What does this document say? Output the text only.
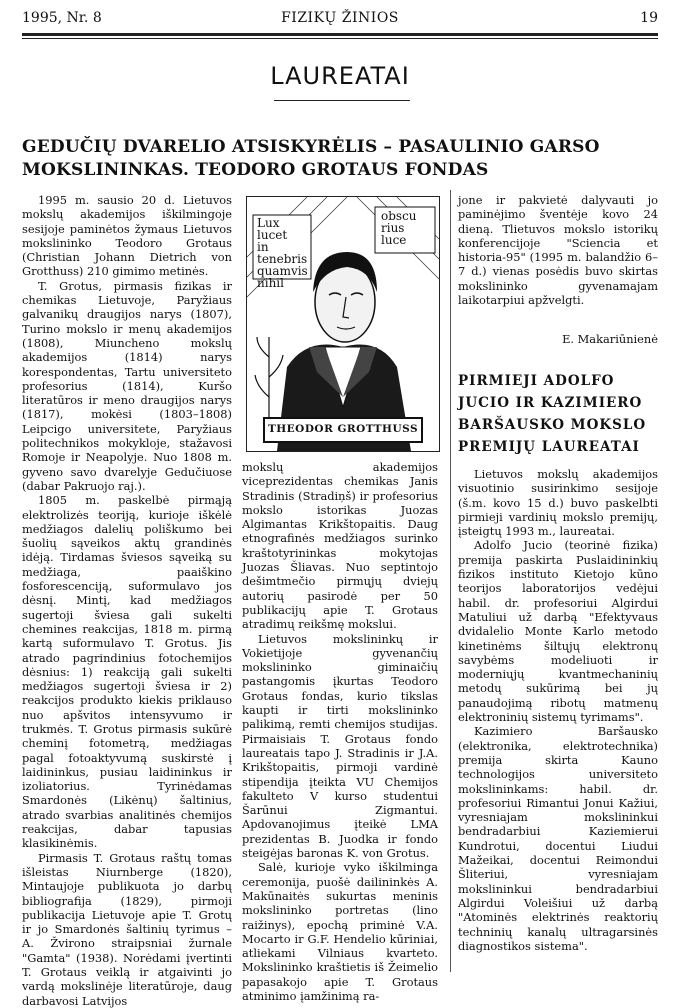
1995, Nr. 8	FIZIKŲ ŽINIOS	19
LAUREATAI
GEDUČIŲ DVARELIO ATSISKYRĖLIS – PASAULINIO GARSO MOKSLININKAS. TEODORO GROTAUS FONDAS

1995 m. sausio 20 d. Lietuvos mokslų akademijos iškilmingoje sesijoje paminėtos žymaus Lietuvos mokslininko Teodoro Grotaus (Christian Johann Dietrich von Grotthuss) 210 gimimo metinės.

T. Grotus, pirmasis fizikas ir chemikas Lietuvoje, Paryžiaus galvanikų draugijos narys (1807), Turino mokslo ir menų akademijos (1808), Miuncheno mokslų akademijos (1814) narys korespondentas, Tartu universiteto profesorius (1814), Kuršo literatūros ir meno draugijos narys (1817), mokėsi (1803–1808) Leipcigo universitete, Paryžiaus politechnikos mokykloje, stažavosi Romoje ir Neapolyje. Nuo 1808 m. gyveno savo dvarelyje Gedučiuose (dabar Pakruojo raj.).

1805 m. paskelbė pirmąją elektrolizės teoriją, kurioje iškėlė medžiagos dalelių poliškumo bei šuolių sąveikos aktų grandinės idėją. Tirdamas šviesos sąveiką su medžiaga, paaiškino fosforescenciją, suformulavo jos dėsnį. Mintį, kad medžiagos sugertoji šviesa gali sukelti chemines reakcijas, 1818 m. pirmą kartą suformulavo T. Grotus. Jis atrado pagrindinius fotochemijos dėsnius: 1) reakciją gali sukelti medžiagos sugertoji šviesa ir 2) reakcijos produkto kiekis priklauso nuo apšvitos intensyvumo ir trukmės. T. Grotus pirmasis sukūrė cheminį fotometrą, medžiagas pagal fotoaktyvumą suskirstė į laidininkus, pusiau laidininkus ir izoliatorius. Tyrinėdamas Smardonės (Likėnų) šaltinius, atrado svarbias analitinės chemijos reakcijas, dabar tapusias klasikinėmis.

Pirmasis T. Grotaus raštų tomas išleistas Niurnberge (1820), Mintaujoje publikuota jo darbų bibliografija (1829), pirmoji publikacija Lietuvoje apie T. Grotų ir jo Smardonės šaltinių tyrimus – A. Žvirono straipsniai žurnale "Gamta" (1938). Norėdami įvertinti T. Grotaus veiklą ir atgaivinti jo vardą mokslinėje literatūroje, daug darbavosi Latvijos

Lux
lucet
in
tenebris
quamvis
nihil
obscu
rius
luce
THEODOR GROTTHUSS

mokslų akademijos viceprezidentas chemikas Janis Stradinis (Stradiņš) ir profesorius mokslo istorikas Juozas Algimantas Krikštopaitis. Daug etnografinės medžiagos surinko kraštotyrininkas mokytojas Juozas Šliavas. Nuo septintojo dešimtmečio pirmųjų dviejų autorių pasirodė per 50 publikacijų apie T. Grotaus atradimų reikšmę mokslui.

Lietuvos mokslininkų ir Vokietijoje gyvenančių mokslininko giminaičių pastangomis įkurtas Teodoro Grotaus fondas, kurio tikslas kaupti ir tirti mokslininko palikimą, remti chemijos studijas. Pirmaisiais T. Grotaus fondo laureatais tapo J. Stradinis ir J.A. Krikštopaitis, pirmoji vardinė stipendija įteikta VU Chemijos fakulteto V kurso studentui Šarūnui Zigmantui. Apdovanojimus įteikė LMA prezidentas B. Juodka ir fondo steigėjas baronas K. von Grotus.

Salė, kurioje vyko iškilmingа ceremonija, puošė dailininkės A. Makūnaitės sukurtas meninis mokslininko portretas (lino raižinys), epochą priminė V.A. Mocarto ir G.F. Hendelio kūriniai, atliekami Vilniaus kvarteto. Mokslininko kraštietis iš Žeimelio papasakojo apie T. Grotaus atminimo įamžinimą ra-

jone ir pakvietė dalyvauti jo paminėjimo šventėje kovo 24 dieną. Tlietuvos mokslo istorikų konferencijoje "Sciencia et historia-95" (1995 m. balandžio 6–7 d.) vienas posėdis buvo skirtas mokslininko gyvenamajam laikotarpiui apžvelgti.

E. Makariūnienė
PIRMIEJI ADOLFO JUCIO IR KAZIMIERO BARŠAUSKO MOKSLO PREMIJŲ LAUREATAI

Lietuvos mokslų akademijos visuotinio susirinkimo sesijoje (š.m. kovo 15 d.) buvo paskelbti pirmieji vardinių mokslo premijų, įsteigtų 1993 m., laureatai.

Adolfo Jucio (teorinė fizika) premija paskirta Puslaidininkių fizikos instituto Kietojo kūno teorijos laboratorijos vedėjui habil. dr. profesoriui Algirdui Matuliui už darbą "Efektyvaus dvidalelio Monte Karlo metodo kinetinėms šiltųjų elektronų savybėms modeliuoti ir moderniųjų kvantmechaninių metodų sukūrimą bei jų panaudojimą ribotų matmenų elektroninių sistemų tyrimams".

Kazimiero Baršausko (elektronika, elektrotechnika) premija skirta Kauno technologijos universiteto mokslininkams: habil. dr. profesoriui Rimantui Jonui Kažiui, vyresniajam mokslininkui bendradarbiui Kaziemierui Kundrotui, docentui Liudui Mažeikai, docentui Reimondui Šliteriui, vyresniajam mokslininkui bendradarbiui Algirdui Voleišiui už darbą "Atominės elektrinės reaktorių techninių kanalų ultragarsinės diagnostikos sistema".
